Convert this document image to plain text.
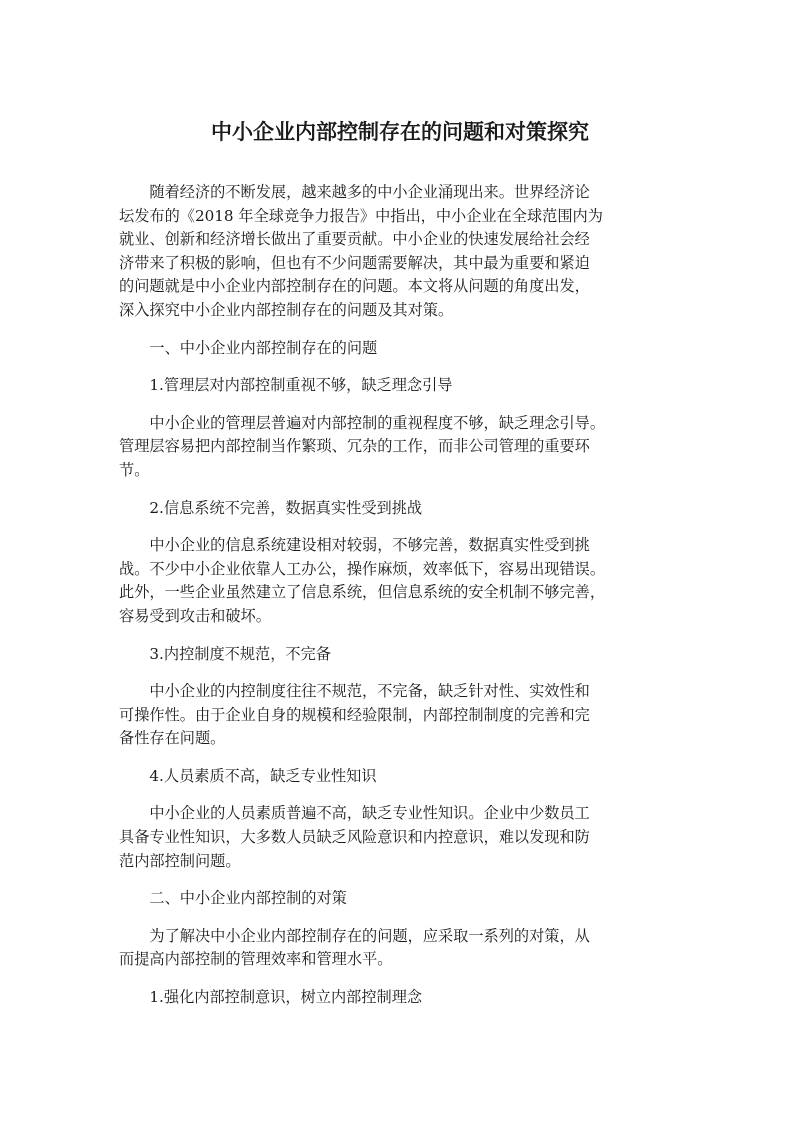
中小企业内部控制存在的问题和对策探究

随着经济的不断发展，越来越多的中小企业涌现出来。世界经济论
坛发布的《2018 年全球竞争力报告》中指出，中小企业在全球范围内为
就业、创新和经济增长做出了重要贡献。中小企业的快速发展给社会经
济带来了积极的影响，但也有不少问题需要解决，其中最为重要和紧迫
的问题就是中小企业内部控制存在的问题。本文将从问题的角度出发，
深入探究中小企业内部控制存在的问题及其对策。

一、中小企业内部控制存在的问题

1.管理层对内部控制重视不够，缺乏理念引导

中小企业的管理层普遍对内部控制的重视程度不够，缺乏理念引导。
管理层容易把内部控制当作繁琐、冗杂的工作，而非公司管理的重要环
节。

2.信息系统不完善，数据真实性受到挑战

中小企业的信息系统建设相对较弱，不够完善，数据真实性受到挑
战。不少中小企业依靠人工办公，操作麻烦，效率低下，容易出现错误。
此外，一些企业虽然建立了信息系统，但信息系统的安全机制不够完善，
容易受到攻击和破坏。

3.内控制度不规范，不完备

中小企业的内控制度往往不规范，不完备，缺乏针对性、实效性和
可操作性。由于企业自身的规模和经验限制，内部控制制度的完善和完
备性存在问题。

4.人员素质不高，缺乏专业性知识

中小企业的人员素质普遍不高，缺乏专业性知识。企业中少数员工
具备专业性知识，大多数人员缺乏风险意识和内控意识，难以发现和防
范内部控制问题。

二、中小企业内部控制的对策

为了解决中小企业内部控制存在的问题，应采取一系列的对策，从
而提高内部控制的管理效率和管理水平。

1.强化内部控制意识，树立内部控制理念
